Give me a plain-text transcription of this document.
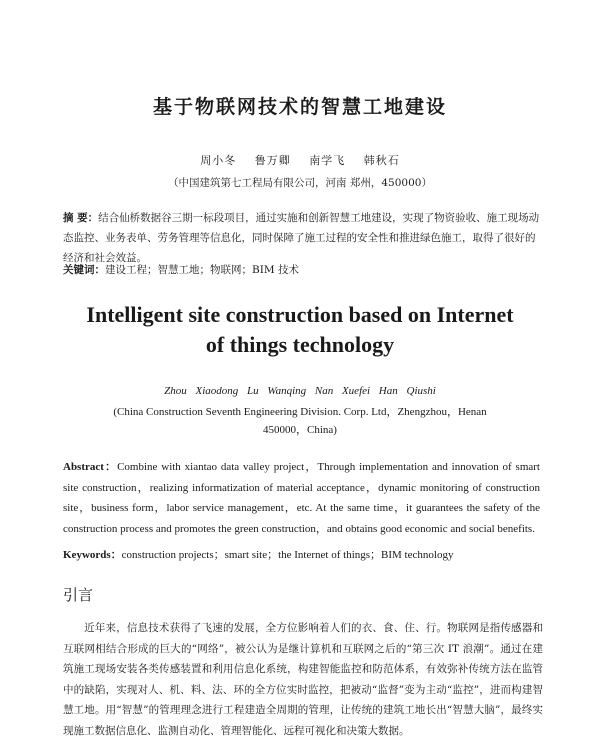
基于物联网技术的智慧工地建设
周小冬 鲁万卿 南学飞 韩秋石
（中国建筑第七工程局有限公司，河南 郑州，450000）
摘 要：结合仙桥数据谷三期一标段项目，通过实施和创新智慧工地建设，实现了物资验收、施工现场动态监控、业务表单、劳务管理等信息化，同时保障了施工过程的安全性和推进绿色施工，取得了很好的经济和社会效益。
关键词：建设工程；智慧工地；物联网；BIM 技术
Intelligent site construction based on Internet
of things technology
Zhou Xiaodong Lu Wanqing Nan Xuefei Han Qiushi
(China Construction Seventh Engineering Division. Corp. Ltd，Zhengzhou，Henan 450000，China)
Abstract：Combine with xiantao data valley project，Through implementation and innovation of smart site construction，realizing informatization of material acceptance，dynamic monitoring of construction site，business form，labor service management，etc. At the same time，it guarantees the safety of the construction process and promotes the green construction，and obtains good economic and social benefits.
Keywords：construction projects；smart site；the Internet of things；BIM technology
引言
近年来，信息技术获得了飞速的发展，全方位影响着人们的衣、食、住、行。物联网是指传感器和互联网相结合形成的巨大的“网络”，被公认为是继计算机和互联网之后的“第三次 IT 浪潮”。通过在建筑施工现场安装各类传感装置和利用信息化系统，构建智能监控和防范体系，有效弥补传统方法在监管中的缺陷，实现对人、机、料、法、环的全方位实时监控，把被动“监督”变为主动“监控”，进而构建智慧工地。用“智慧”的管理理念进行工程建造全周期的管理，让传统的建筑工地长出“智慧大脑”，最终实现施工数据信息化、监测自动化、管理智能化、远程可视化和决策大数据。
